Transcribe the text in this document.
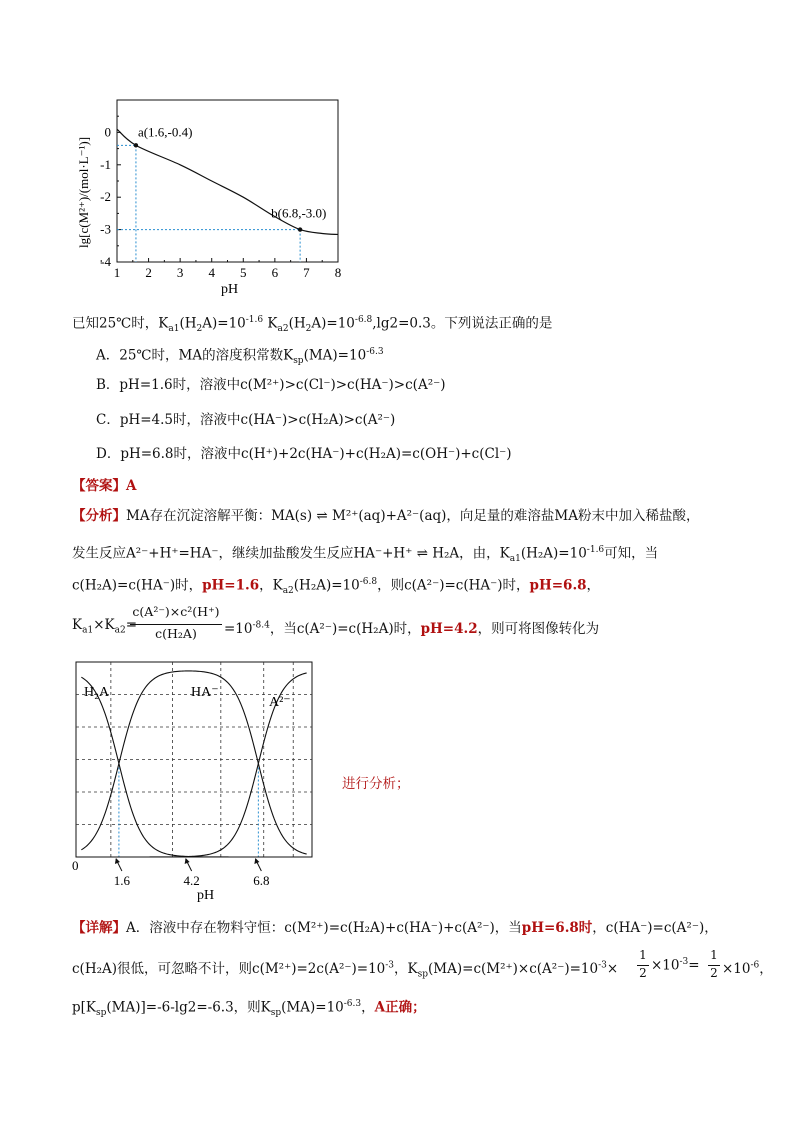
1 2 3 4 5 6 7 8
0
-1
-2
-3
-4
a(1.6,-0.4)
b(6.8,-3.0)
pH
lg[c(M²⁺)/(mol·L⁻¹)]
已知25℃时，$K_{a1}(H_2A)=10^{-1.6}$ $K_{a2}(H_2A)=10^{-6.8},\lg 2=0.3$。下列说法正确的是
A．25℃时，MA的溶度积常数$K_{sp}(MA)=10^{-6.3}$
B．pH=1.6时，溶液中c(M²⁺)>c(Cl⁻)>c(HA⁻)>c(A²⁻)
C．pH=4.5时，溶液中c(HA⁻)>c(H₂A)>c(A²⁻)
D．pH=6.8时，溶液中c(H⁺)+2c(HA⁻)+c(H₂A)=c(OH⁻)+c(Cl⁻)
【答案】A
【分析】MA存在沉淀溶解平衡：MA(s) ⇌ M²⁺(aq)+A²⁻(aq)，向足量的难溶盐MA粉末中加入稀盐酸，
发生反应A²⁻+H⁺=HA⁻，继续加盐酸发生反应HA⁻+H⁺ ⇌ H₂A，由，$K_{a1}(H_2A)=10^{-1.6}$可知，当
c(H₂A)=c(HA⁻)时，pH=1.6，$K_{a2}(H_2A)=10^{-6.8}$，则c(A²⁻)=c(HA⁻)时，pH=6.8，
$K_{a1}\times K_{a2}=$
c(A²⁻)×c²(H⁺)
c(H₂A)	$=10^{-8.4}$，当c(A²⁻)=c(H₂A)时，pH=4.2，则可将图像转化为
H₂A	HA⁻
A²⁻
0
1.6	4.2	6.8
pH
进行分析；
【详解】A．溶液中存在物料守恒：c(M²⁺)=c(H₂A)+c(HA⁻)+c(A²⁻)，当pH=6.8时，c(HA⁻)=c(A²⁻)，
c(H₂A)很低，可忽略不计，则$c(M^{2+})=2c(A^{2-})=10^{-3}$，$K_{sp}(MA)=c(M^{2+})\times c(A^{2-})=10^{-3}\times$
1
$2 \times 10^{-3}=$
1
$2 \times 10^{-6}$，
$p[K_{sp}(MA)]=-6-\lg 2=-6.3$，则$K_{sp}(MA)=10^{-6.3}$，A正确；
